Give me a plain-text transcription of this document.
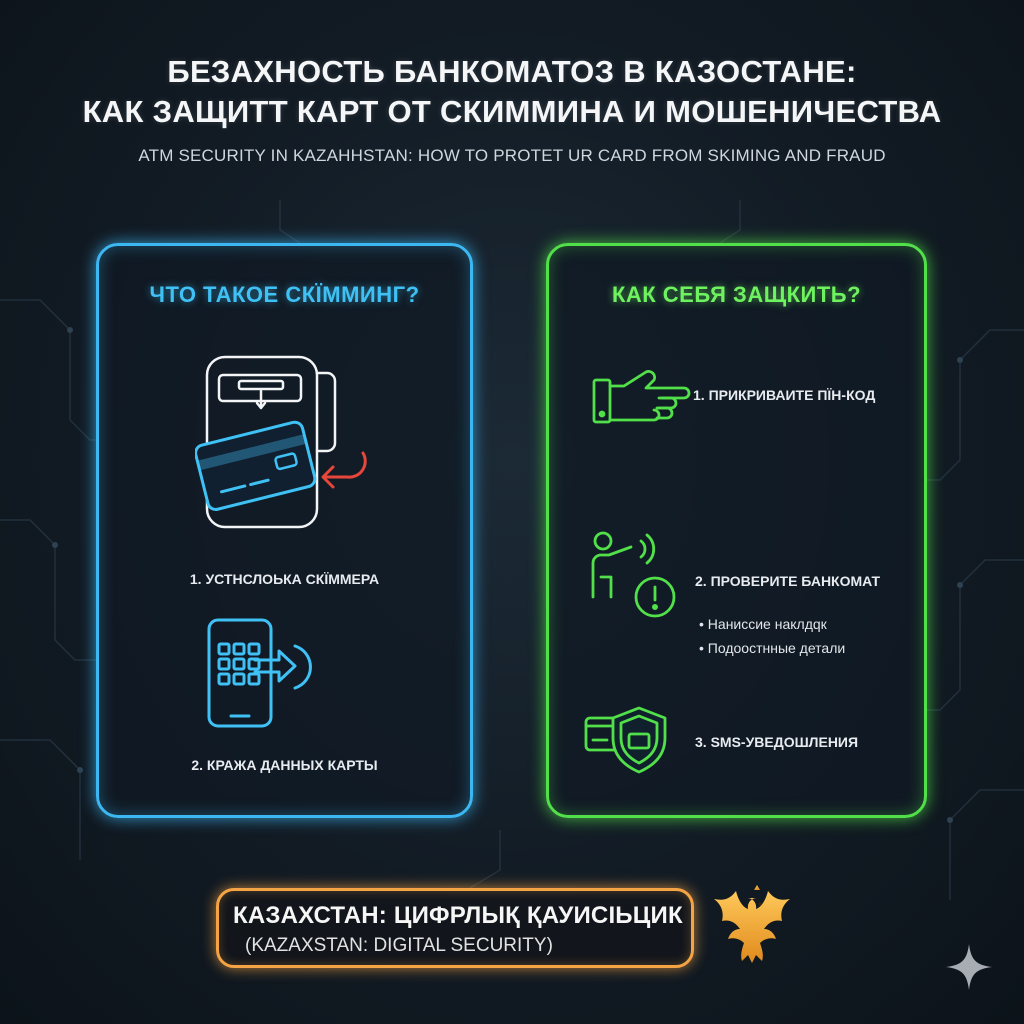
БЕЗАХНОСТЬ БАНКОМАТОЗ В КАЗОСТАНЕ:
КАК ЗАЩИТТ КАРТ ОТ СКИММИНА И МОШЕНИЧЕСТВА
ATM SECURITY IN KAZAHHSTAN: HOW TO PROTET UR CARD FROM SKIMING AND FRAUD
ЧТО ТАКОЕ СКÏММИНГ?
1. УСТНСЛОЬКА СКÏММЕРА
2. КРАЖА ДАННЫХ КАРТЫ
КАК СЕБЯ ЗАЩКИТЬ?
1. ПРИКРИВАИТЕ ПÏН-КОД
2. ПРОВЕРИТЕ БАНКОМАТ
• Нанисcие наклдqк
• Подоостнные детали
3. SMS-УВЕДОШЛЕНИЯ
КАЗАХСТАН: ЦИФРЛЫҚ ҚАУИСІЬЦИК
(KAZAXSTAN: DIGITAL SECURITY)
